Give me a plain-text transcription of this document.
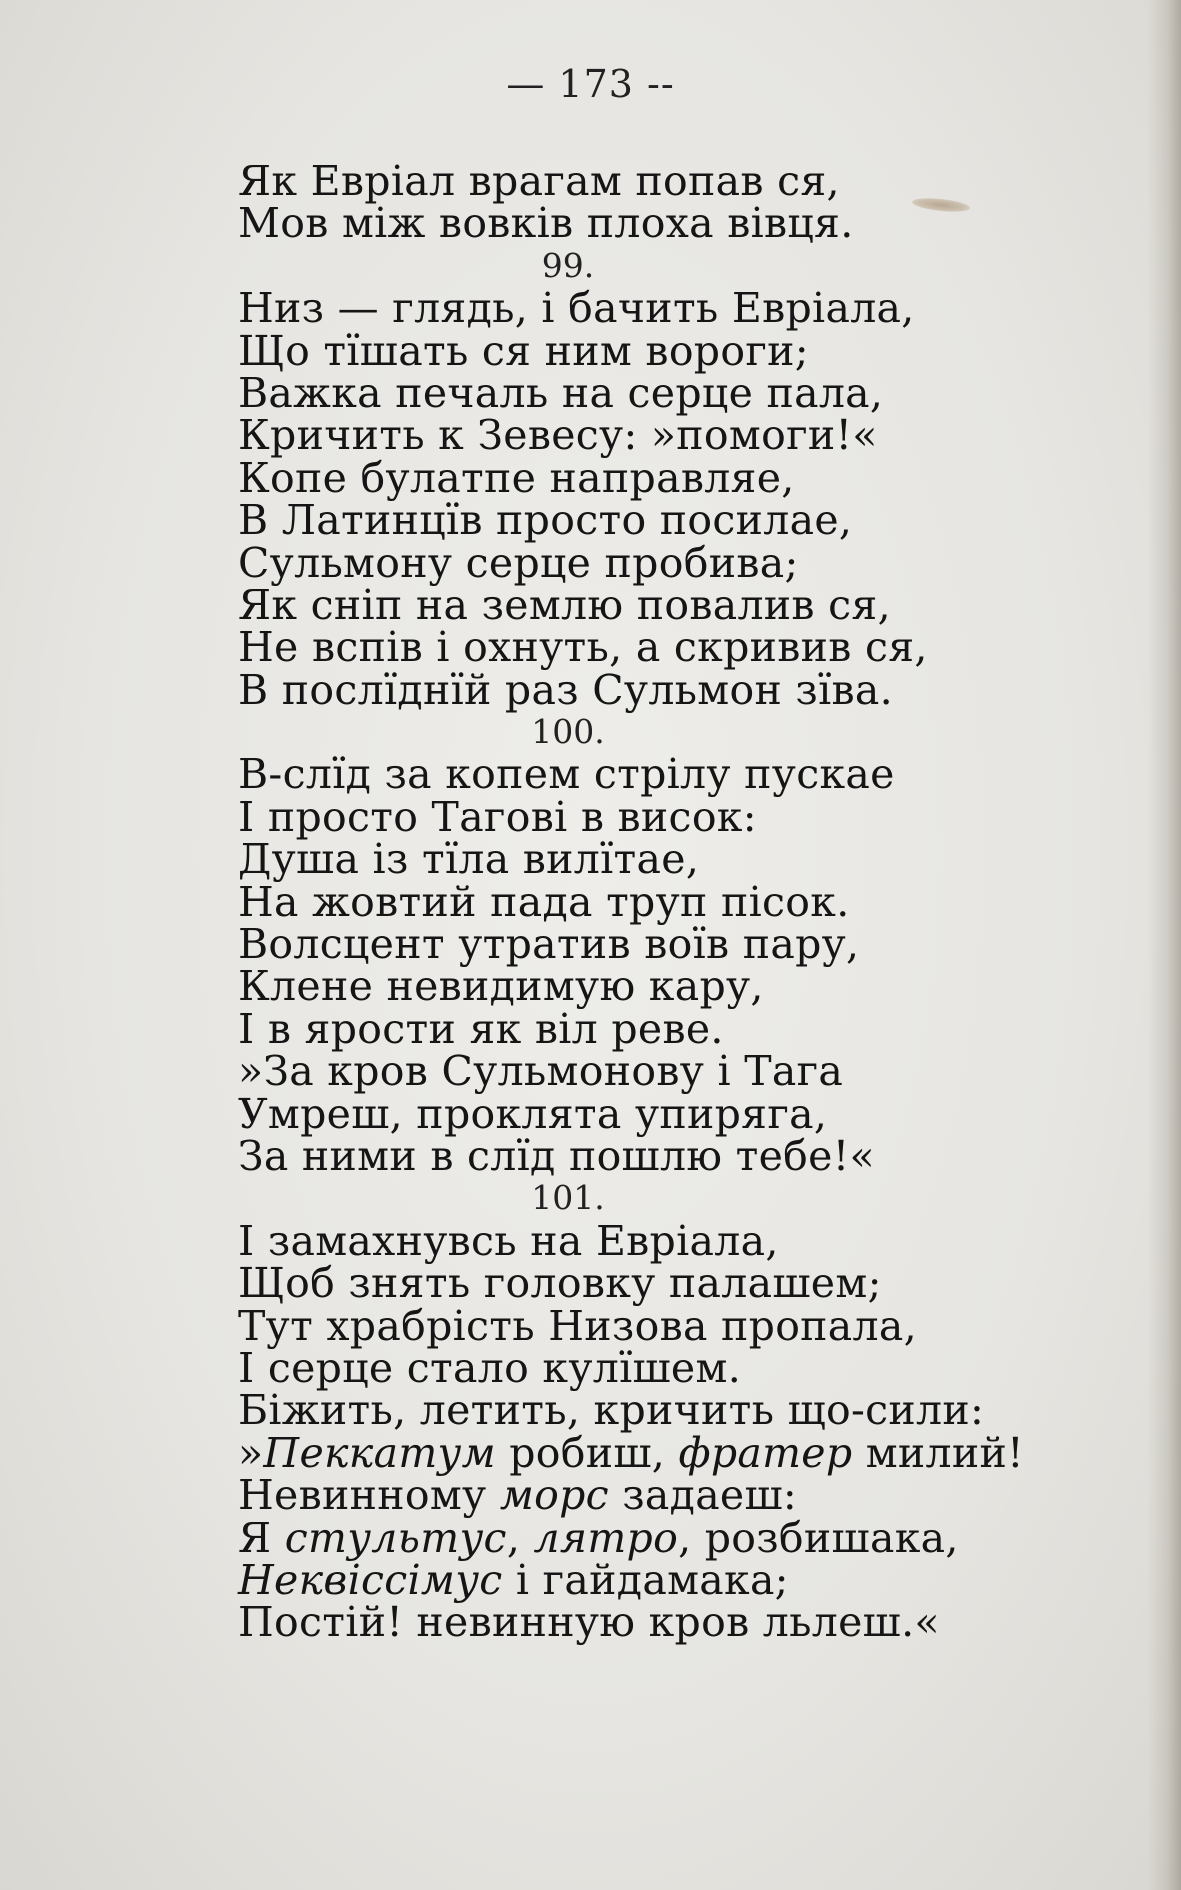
— 173 --
Як Евріал врагам попав ся,
Мов між вовків плоха вівця.
99.
Низ — глядь, і бачить Евріала,
Що тїшать ся ним вороги;
Важка печаль на серце пала,
Кричить к Зевесу: »помоги!«
Копе булатпе направляе,
В Латинцїв просто посилае,
Сульмону серце пробива;
Як сніп на землю повалив ся,
Не вспів і охнуть, а скривив ся,
В послїднїй раз Сульмон зїва.
100.
В-слїд за копем стрілу пускае
І просто Тагові в висок:
Душа із тїла вилїтае,
На жовтий пада труп пісок.
Волсцент утратив воїв пару,
Клене невидимую кару,
І в ярости як віл реве.
»За кров Сульмонову і Тага
Умреш, проклята упиряга,
За ними в слїд пошлю тебе!«
101.
І замахнувсь на Евріала,
Щоб знять головку палашем;
Тут храбрість Низова пропала,
І серце стало кулїшем.
Біжить, летить, кричить що-сили:
»Пеккатум робиш, фратер милий!
Невинному морс задаеш:
Я стультус, лятро, розбишака,
Неквіссімус і гайдамака;
Постій! невинную кров льлеш.«
